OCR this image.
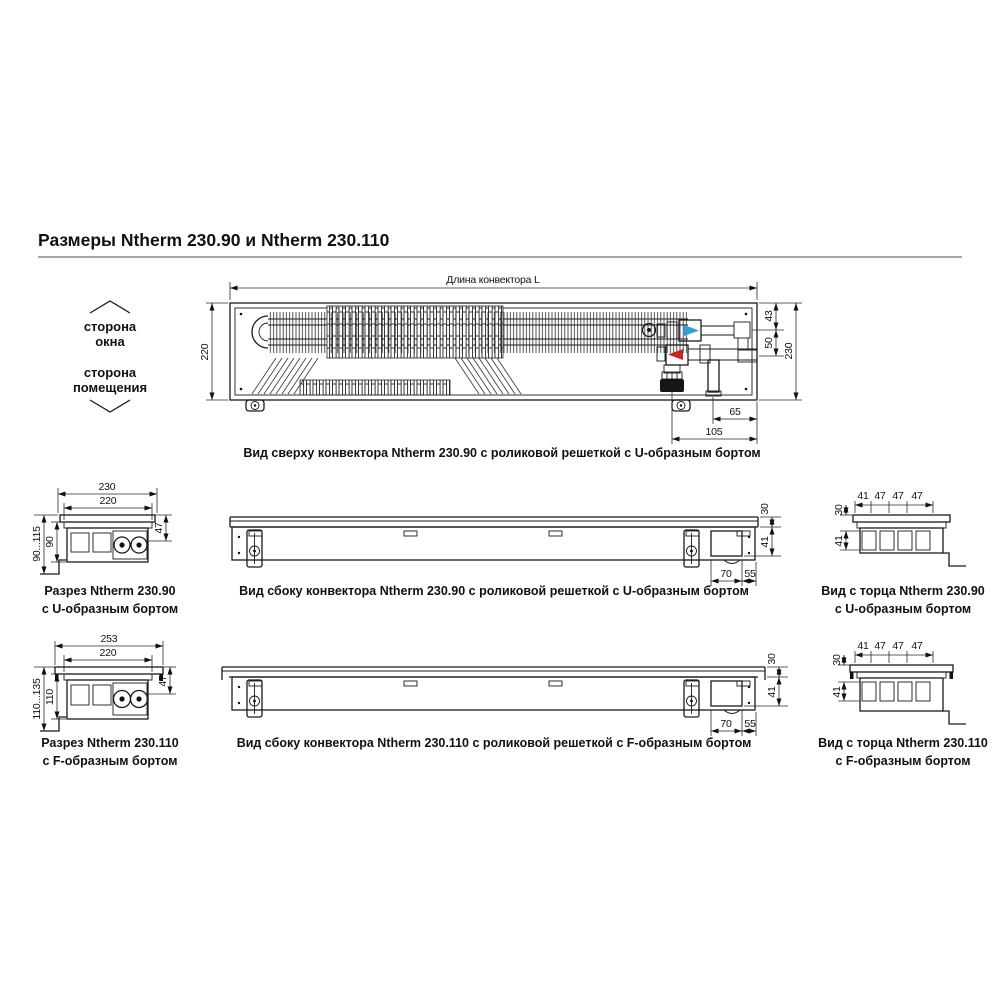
Размеры Ntherm 230.90 и Ntherm 230.110
сторона
окна
сторона
помещения
Длина конвектора L
220
43
50 230
65
105
Вид сверху конвектора Ntherm 230.90 с роликовой решеткой с U-образным бортом
230
220
90
90...115	47
Разрез Ntherm 230.90
с U-образным бортом
30
41
70 55
Вид сбоку конвектора Ntherm 230.90 с роликовой решеткой с U-образным бортом
41 47 47 47
30
41
Вид с торца Ntherm 230.90
с U-образным бортом
253
220
110
110...135	47
Разрез Ntherm 230.110
с F-образным бортом
30
41
70 55
Вид сбоку конвектора Ntherm 230.110 с роликовой решеткой с F-образным бортом
41 47 47 47
30
41
Вид с торца Ntherm 230.110
с F-образным бортом
